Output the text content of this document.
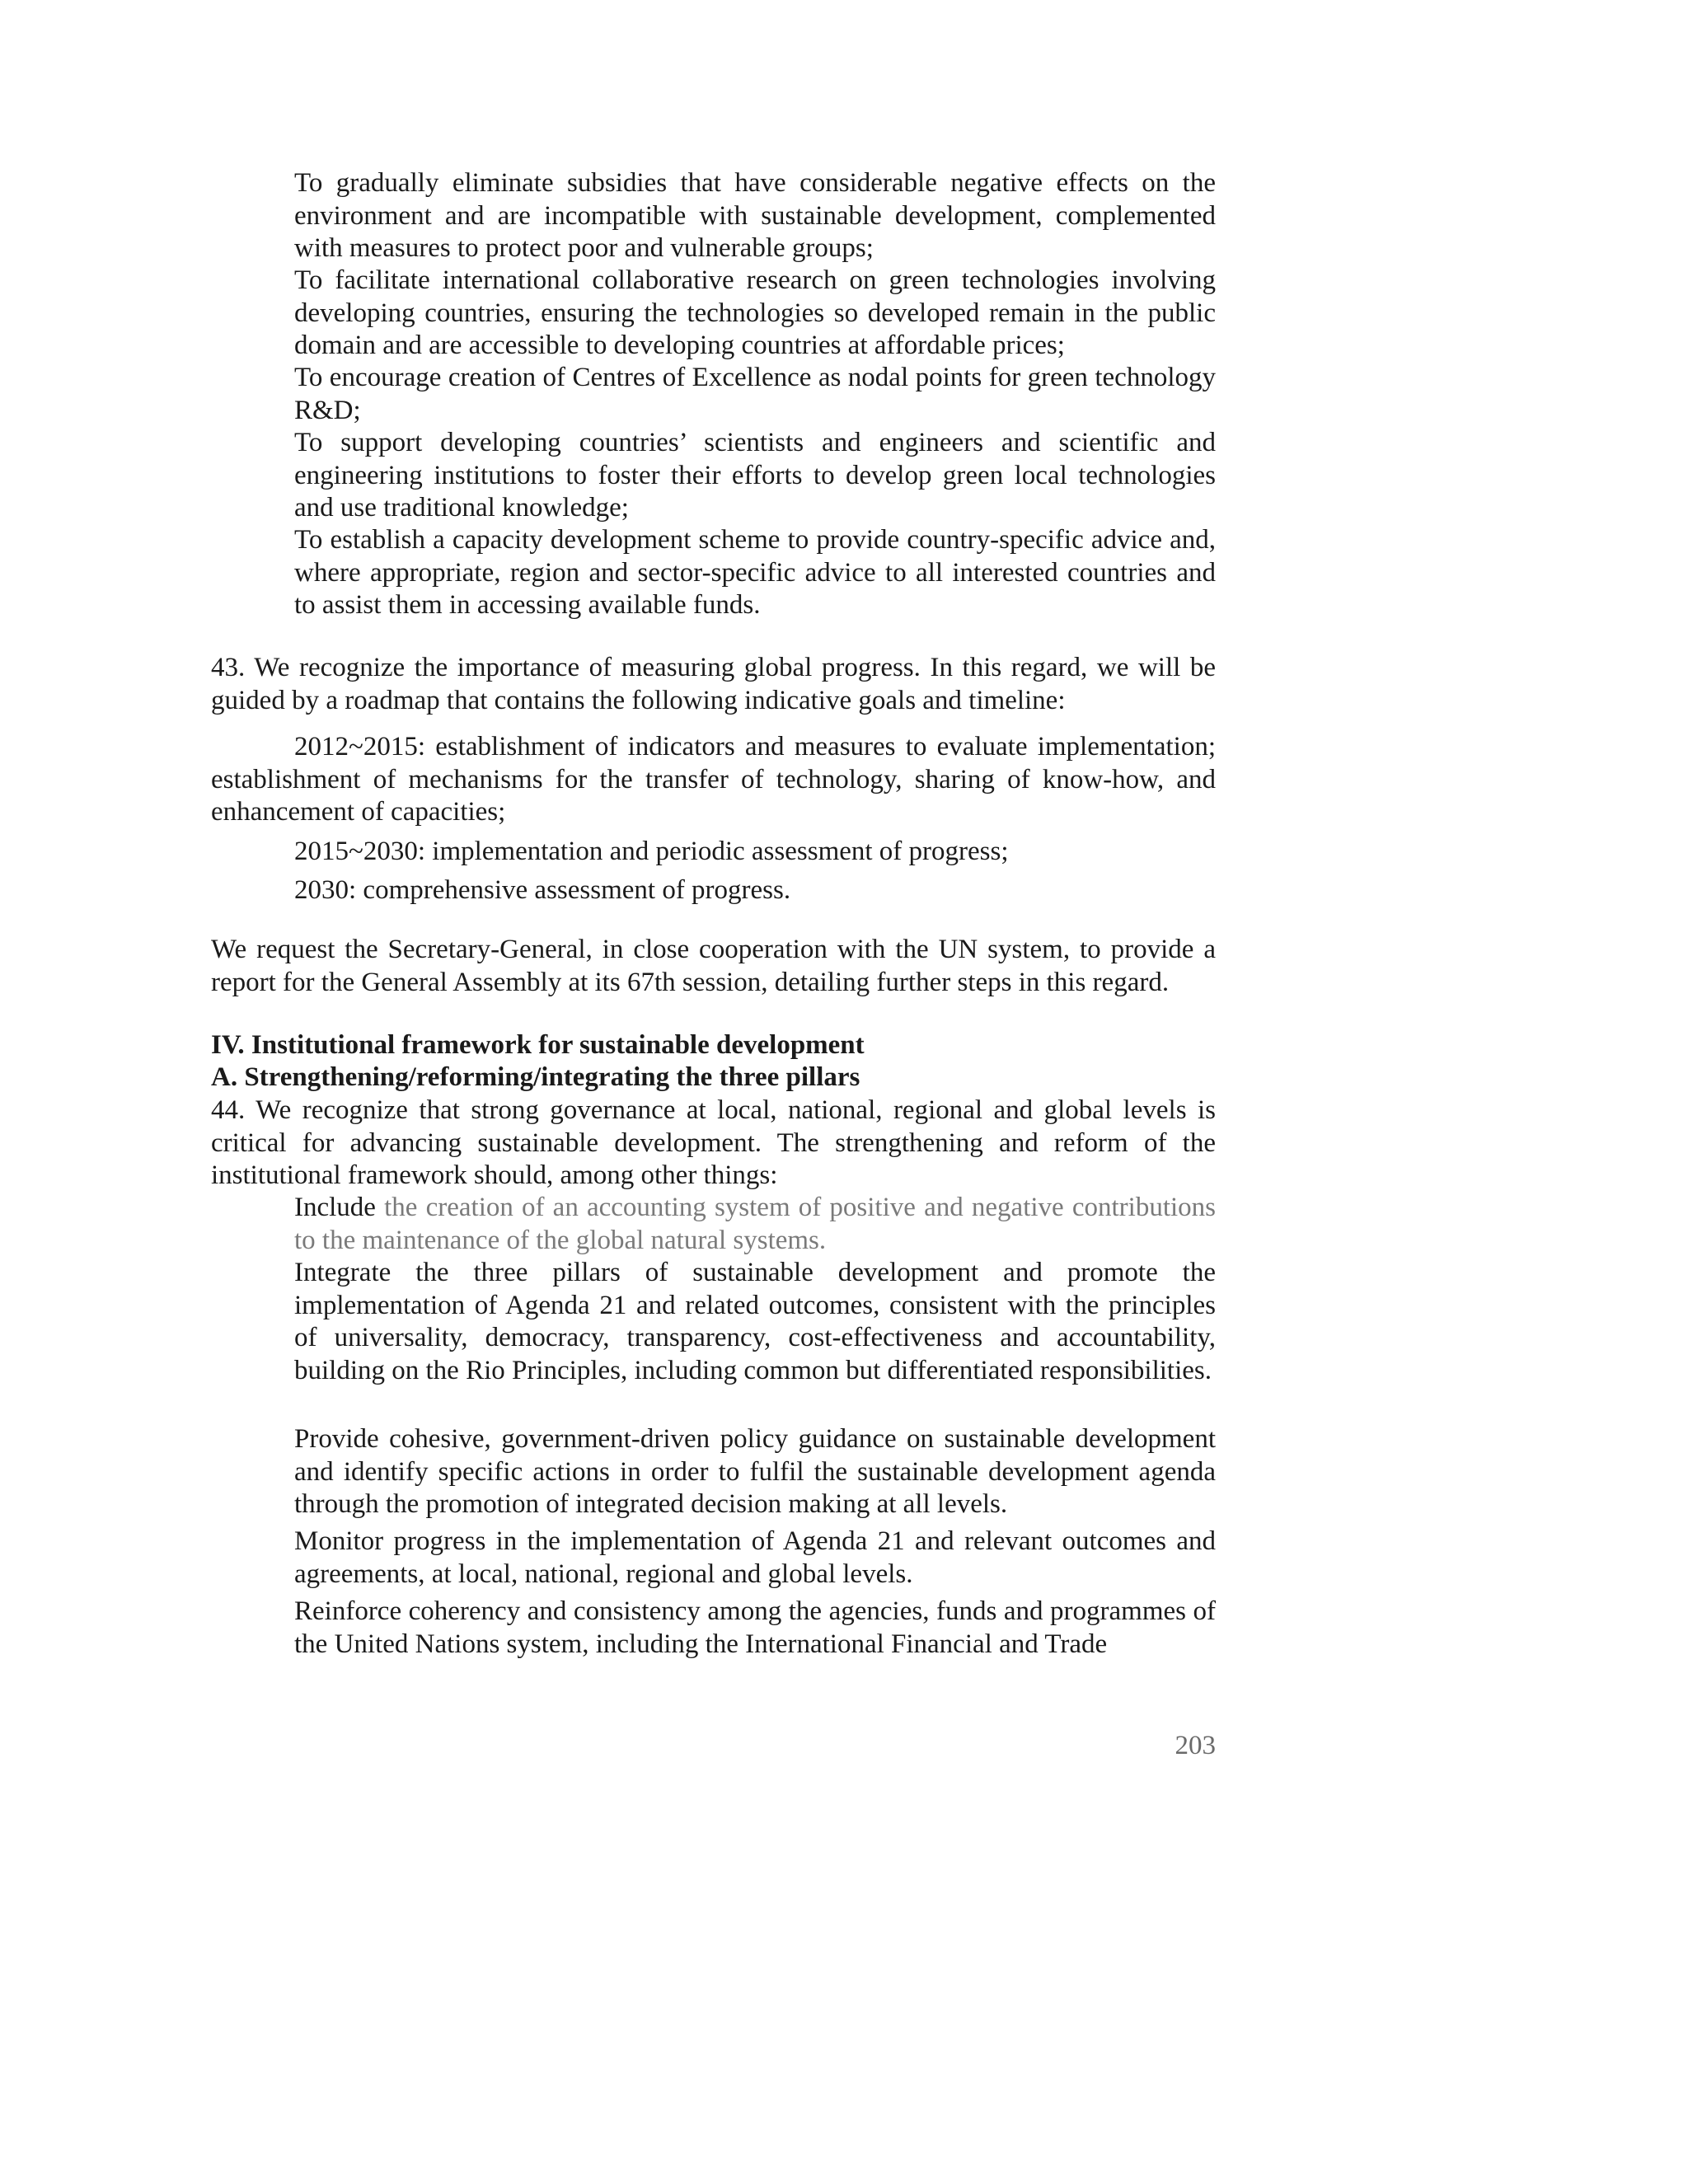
To gradually eliminate subsidies that have considerable negative effects on the environment and are incompatible with sustainable development, complemented with measures to protect poor and vulnerable groups;

To facilitate international collaborative research on green technologies involving developing countries, ensuring the technologies so developed remain in the public domain and are accessible to developing countries at affordable prices;

To encourage creation of Centres of Excellence as nodal points for green technology R&D;

To support developing countries’ scientists and engineers and scientific and engineering institutions to foster their efforts to develop green local technologies and use traditional knowledge;

To establish a capacity development scheme to provide country-specific advice and, where appropriate, region and sector-specific advice to all interested countries and to assist them in accessing available funds.

43. We recognize the importance of measuring global progress. In this regard, we will be guided by a roadmap that contains the following indicative goals and timeline:

2012~2015: establishment of indicators and measures to evaluate implementation; establishment of mechanisms for the transfer of technology, sharing of know-how, and enhancement of capacities;

2015~2030: implementation and periodic assessment of progress;

2030: comprehensive assessment of progress.

We request the Secretary-General, in close cooperation with the UN system, to provide a report for the General Assembly at its 67th session, detailing further steps in this regard.

IV. Institutional framework for sustainable development

A. Strengthening/reforming/integrating the three pillars

44. We recognize that strong governance at local, national, regional and global levels is critical for advancing sustainable development. The strengthening and reform of the institutional framework should, among other things:

Include the creation of an accounting system of positive and negative contributions to the maintenance of the global natural systems.

Integrate the three pillars of sustainable development and promote the implementation of Agenda 21 and related outcomes, consistent with the principles of universality, democracy, transparency, cost-effectiveness and accountability, building on the Rio Principles, including common but differentiated responsibilities.

Provide cohesive, government-driven policy guidance on sustainable development and identify specific actions in order to fulfil the sustainable development agenda through the promotion of integrated decision making at all levels.

Monitor progress in the implementation of Agenda 21 and relevant outcomes and agreements, at local, national, regional and global levels.

Reinforce coherency and consistency among the agencies, funds and programmes of the United Nations system, including the International Financial and Trade

203
